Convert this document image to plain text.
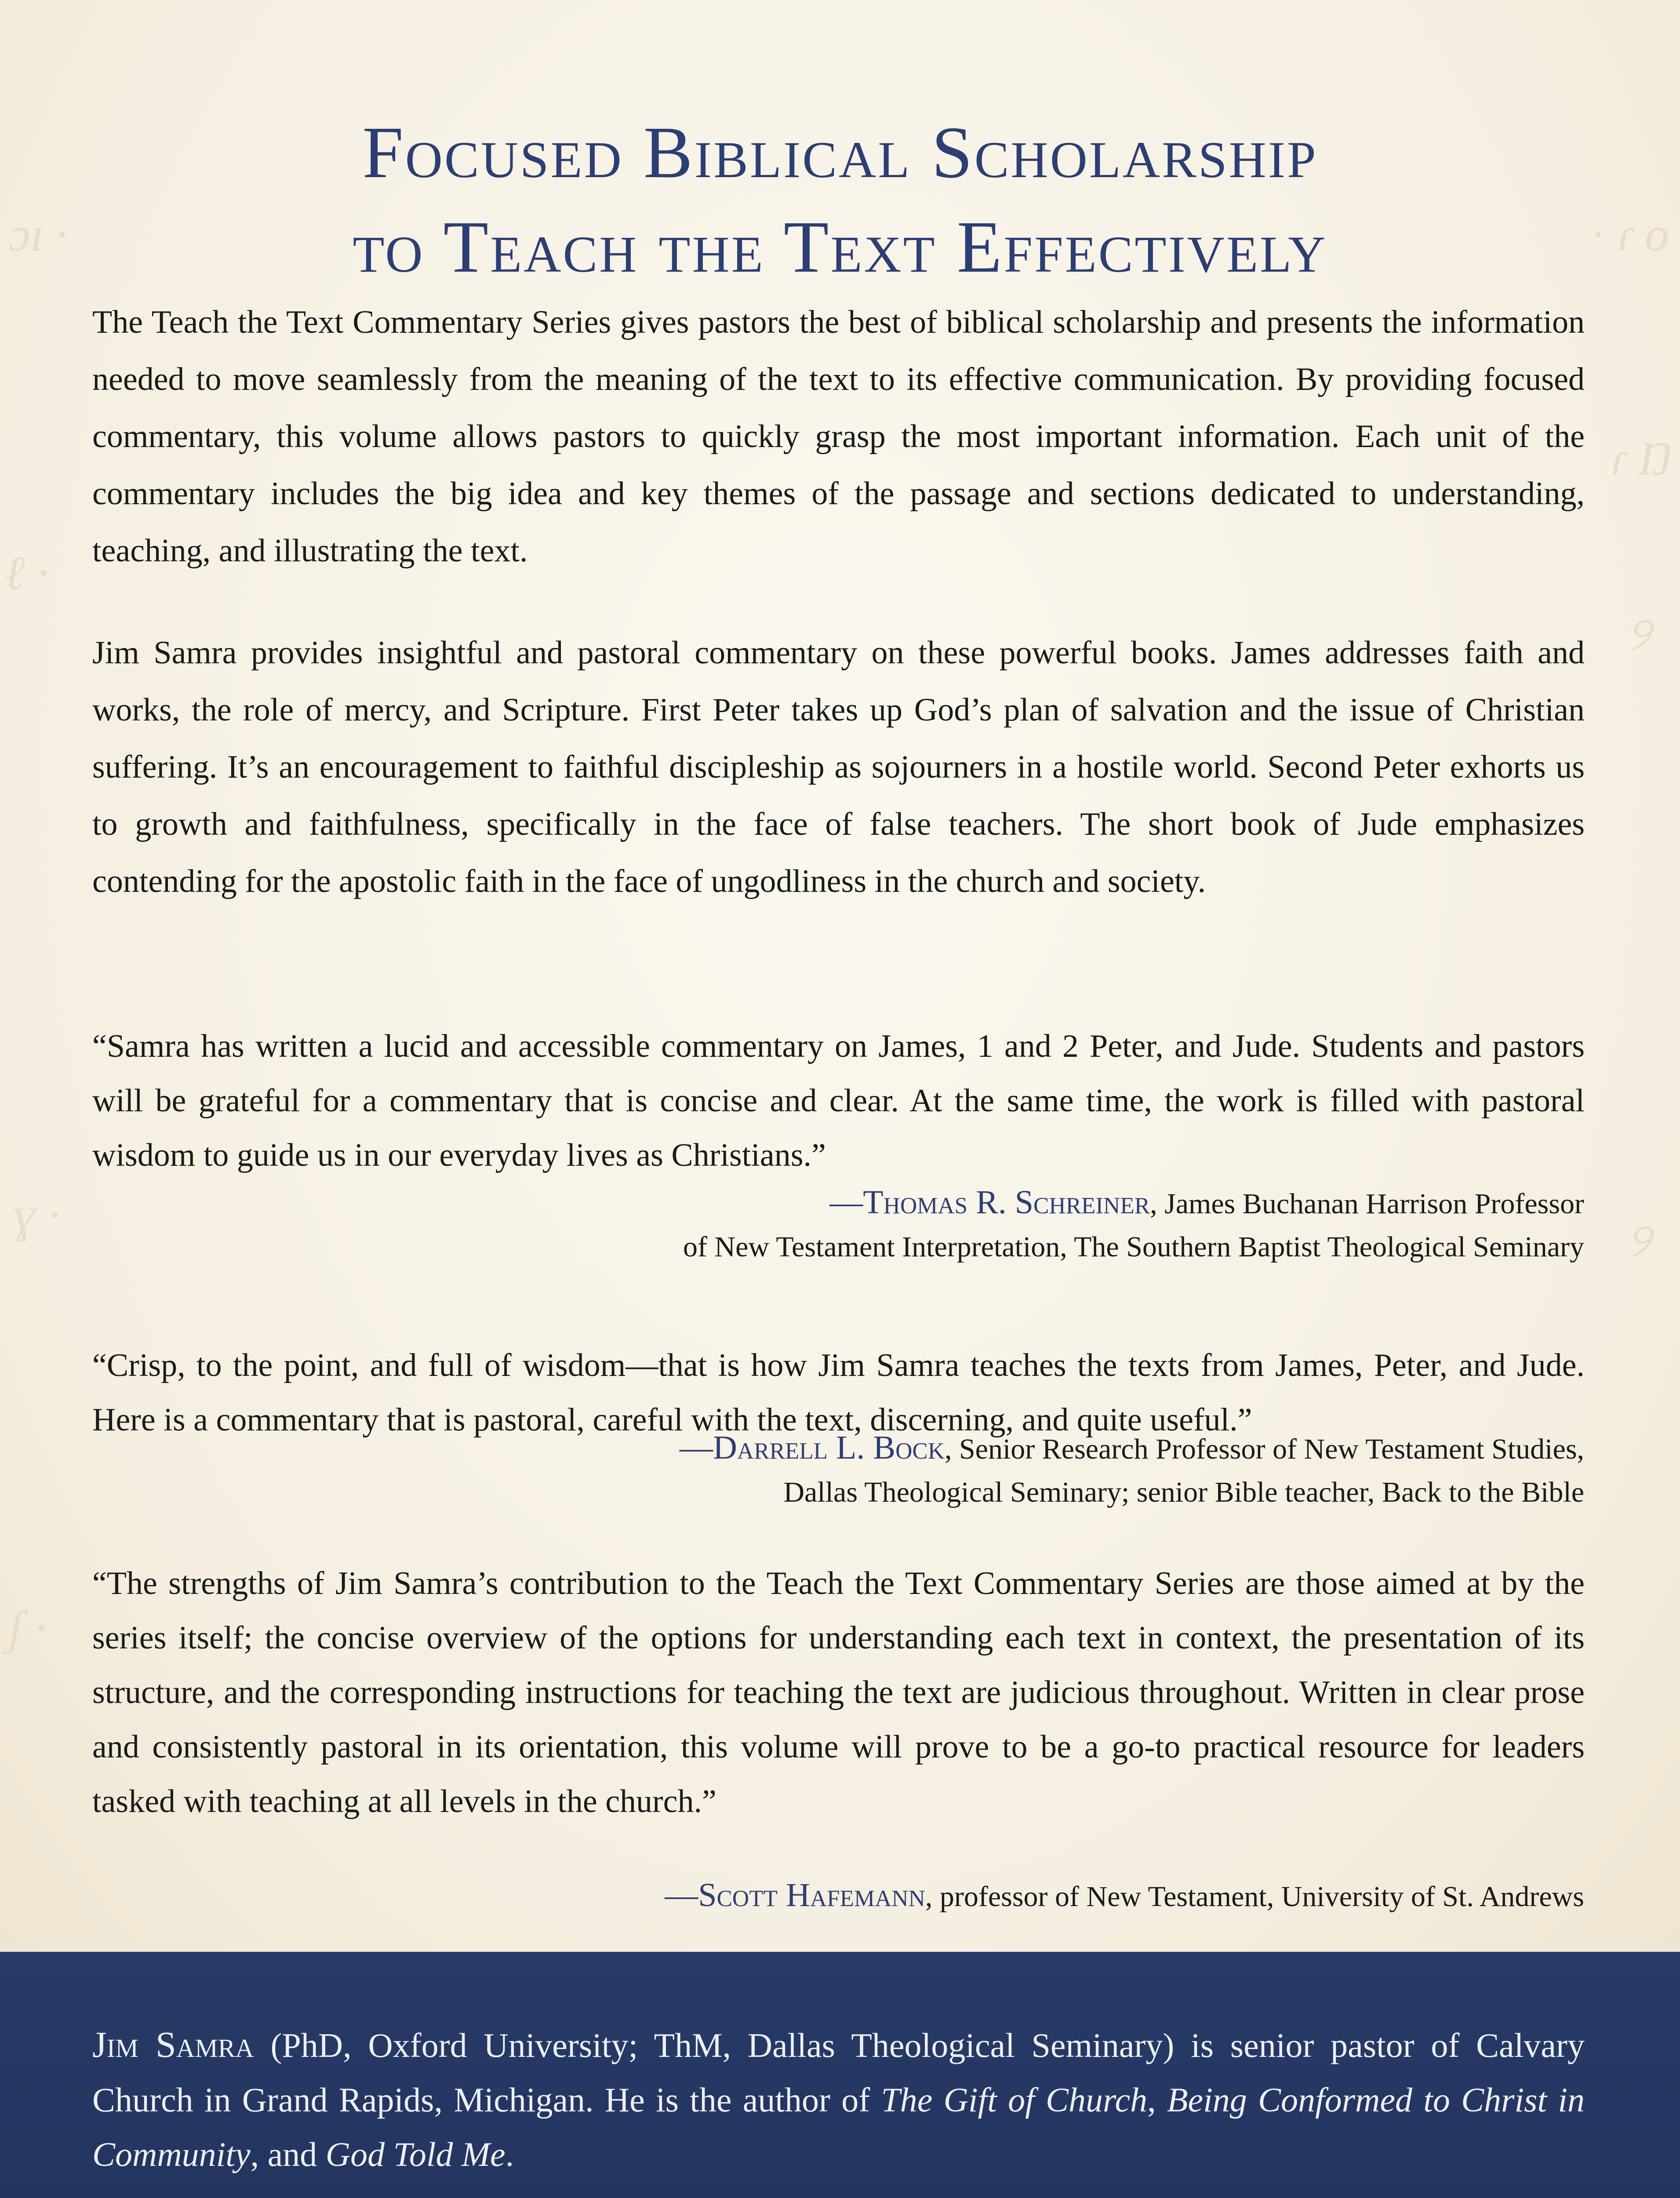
ɔɪ ·	· ɾ o
ɾ Ŋ
୨
ℓ ·
ɣ ·	୨
ʃ ·
Focused Biblical Scholarship
to Teach the Text Effectively

The Teach the Text Commentary Series gives pastors the best of biblical scholarship and presents the information needed to move seamlessly from the meaning of the text to its effective communication. By providing focused commentary, this volume allows pastors to quickly grasp the most important information. Each unit of the commentary includes the big idea and key themes of the passage and sections dedicated to understanding, teaching, and illustrating the text.

Jim Samra provides insightful and pastoral commentary on these powerful books. James addresses faith and works, the role of mercy, and Scripture. First Peter takes up God’s plan of salvation and the issue of Christian suffering. It’s an encouragement to faithful discipleship as sojourners in a hostile world. Second Peter exhorts us to growth and faithfulness, specifically in the face of false teachers. The short book of Jude emphasizes contending for the apostolic faith in the face of ungodliness in the church and society.

“Samra has written a lucid and accessible commentary on James, 1 and 2 Peter, and Jude. Students and pastors will be grateful for a commentary that is concise and clear. At the same time, the work is filled with pastoral wisdom to guide us in our everyday lives as Christians.”

—Thomas R. Schreiner, James Buchanan Harrison Professor
of New Testament Interpretation, The Southern Baptist Theological Seminary

“Crisp, to the point, and full of wisdom—that is how Jim Samra teaches the texts from James, Peter, and Jude. Here is a commentary that is pastoral, careful with the text, discerning, and quite useful.”

—Darrell L. Bock, Senior Research Professor of New Testament Studies,
Dallas Theological Seminary; senior Bible teacher, Back to the Bible

“The strengths of Jim Samra’s contribution to the Teach the Text Commentary Series are those aimed at by the series itself; the concise overview of the options for understanding each text in context, the presentation of its structure, and the corresponding instructions for teaching the text are judicious throughout. Written in clear prose and consistently pastoral in its orientation, this volume will prove to be a go-to practical resource for leaders tasked with teaching at all levels in the church.”

—Scott Hafemann, professor of New Testament, University of St. Andrews

Jim Samra (PhD, Oxford University; ThM, Dallas Theological Seminary) is senior pastor of Calvary Church in Grand Rapids, Michigan. He is the author of The Gift of Church, Being Conformed to Christ in Community, and God Told Me.
